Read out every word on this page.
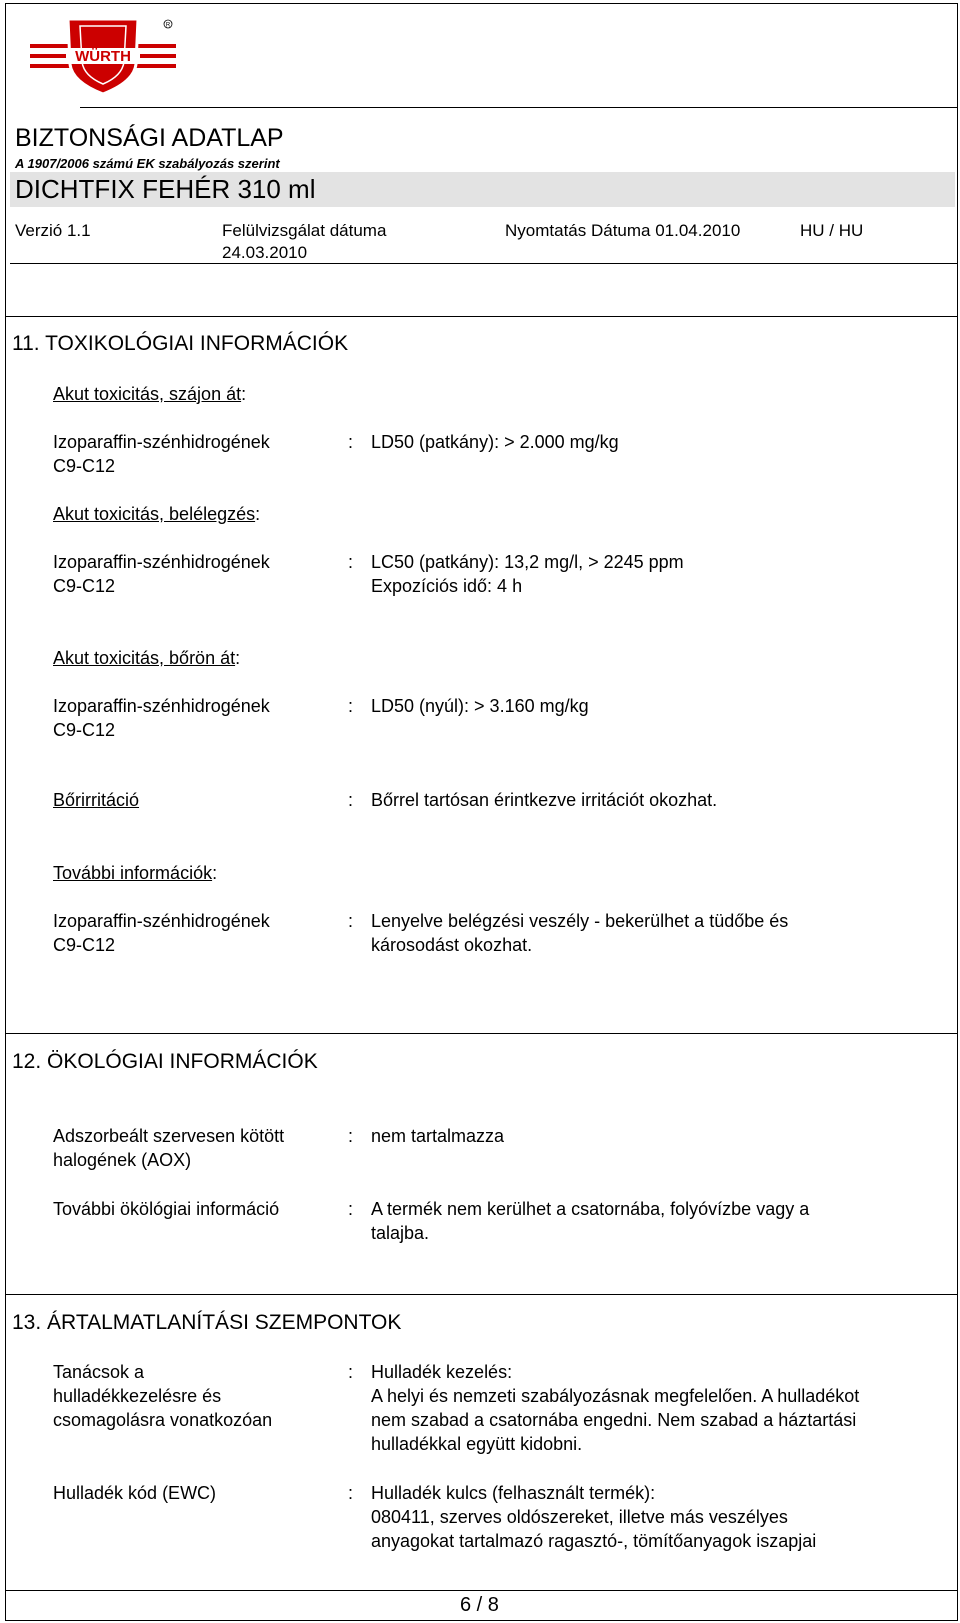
WÜRTH
R
BIZTONSÁGI ADATLAP
A 1907/2006 számú EK szabályozás szerint
DICHTFIX FEHÉR 310 ml
Verzió 1.1	Felülvizsgálat dátuma
24.03.2010
Nyomtatás Dátuma 01.04.2010	HU / HU
11. TOXIKOLÓGIAI INFORMÁCIÓK
Akut toxicitás, szájon át:
Izoparaffin-szénhidrogének
C9-C12
: LD50 (patkány): > 2.000 mg/kg
Akut toxicitás, belélegzés:
Izoparaffin-szénhidrogének
C9-C12
: LC50 (patkány): 13,2 mg/l, > 2245 ppm
Expozíciós idő: 4 h
Akut toxicitás, bőrön át:
Izoparaffin-szénhidrogének
C9-C12
: LD50 (nyúl): > 3.160 mg/kg
Bőrirritáció	: Bőrrel tartósan érintkezve irritációt okozhat.
További információk:
Izoparaffin-szénhidrogének
C9-C12
: Lenyelve belégzési veszély - bekerülhet a tüdőbe és
károsodást okozhat.
12. ÖKOLÓGIAI INFORMÁCIÓK
Adszorbeált szervesen kötött
halogének (AOX)
: nem tartalmazza
További ökölógiai információ	: A termék nem kerülhet a csatornába, folyóvízbe vagy a
talajba.
13. ÁRTALMATLANÍTÁSI SZEMPONTOK
Tanácsok a
hulladékkezelésre és
csomagolásra vonatkozóan
: Hulladék kezelés:
A helyi és nemzeti szabályozásnak megfelelően. A hulladékot
nem szabad a csatornába engedni. Nem szabad a háztartási
hulladékkal együtt kidobni.
Hulladék kód (EWC)	: Hulladék kulcs (felhasznált termék):
080411, szerves oldószereket, illetve más veszélyes
anyagokat tartalmazó ragasztó-, tömítőanyagok iszapjai
6 / 8
